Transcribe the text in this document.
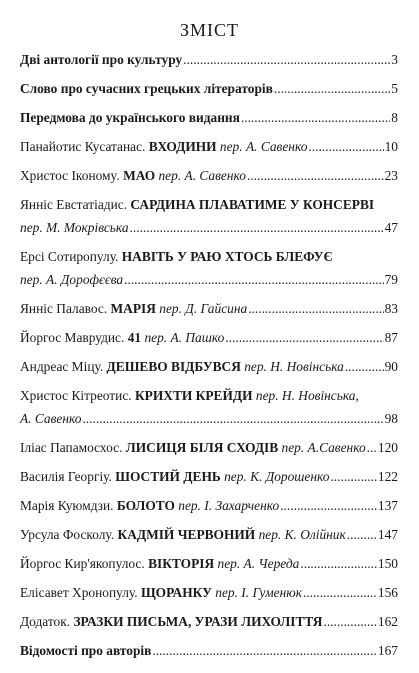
ЗМІСТ
Дві антології про культуру .....	3
Слово про сучасних грецьких літераторів .....	5
Передмова до українського видання .....	8
Панайотис Кусатанас. ВХОДИНИ пер. А. Савенко .....	10
Христос Ікономy. МАО пер. А. Савенко .....	23
Янніс Евстатіадис. САРДИНА ПЛАВАТИМЕ У КОНСЕРВІ
пер. М. Мокрівська .....	47
Ерсі Сотиропулу. НАВІТЬ У РАЮ ХТОСЬ БЛЕФУЄ
пер. А. Дорофєєва .....	79
Янніс Палавос. МАРІЯ пер. Д. Гайсина .....	83
Йоргос Маврудис. 41 пер. А. Пашко .....	87
Андреас Міцу. ДЕШЕВО ВІДБУВСЯ пер. Н. Новінська .....	90
Христос Кітреотис. КРИХТИ КРЕЙДИ пер. Н. Новінська,
А. Савенко .....	98
Іліас Папамосхос. ЛИСИЦЯ БІЛЯ СХОДІВ пер. А.Савенко ..... 120
Василія Георгіу. ШОСТИЙ ДЕНЬ пер. К. Дорошенко .....	122
Марія Куюмдзи. БОЛОТО пер. І. Захарченко .....	137
Урсула Фосколу. КАДМІЙ ЧЕРВОНИЙ пер. К. Олійник ..... 147
Йоргос Кир'якопулос. ВІКТОРІЯ пер. А. Череда .....	150
Елісавет Хронопулу. ЩОРАНКУ пер. І. Гуменюк .....	156
Додаток. ЗРАЗКИ ПИСЬМА, УРАЗИ ЛИХОЛІТТЯ .....	162
Відомості про авторів .....	167
